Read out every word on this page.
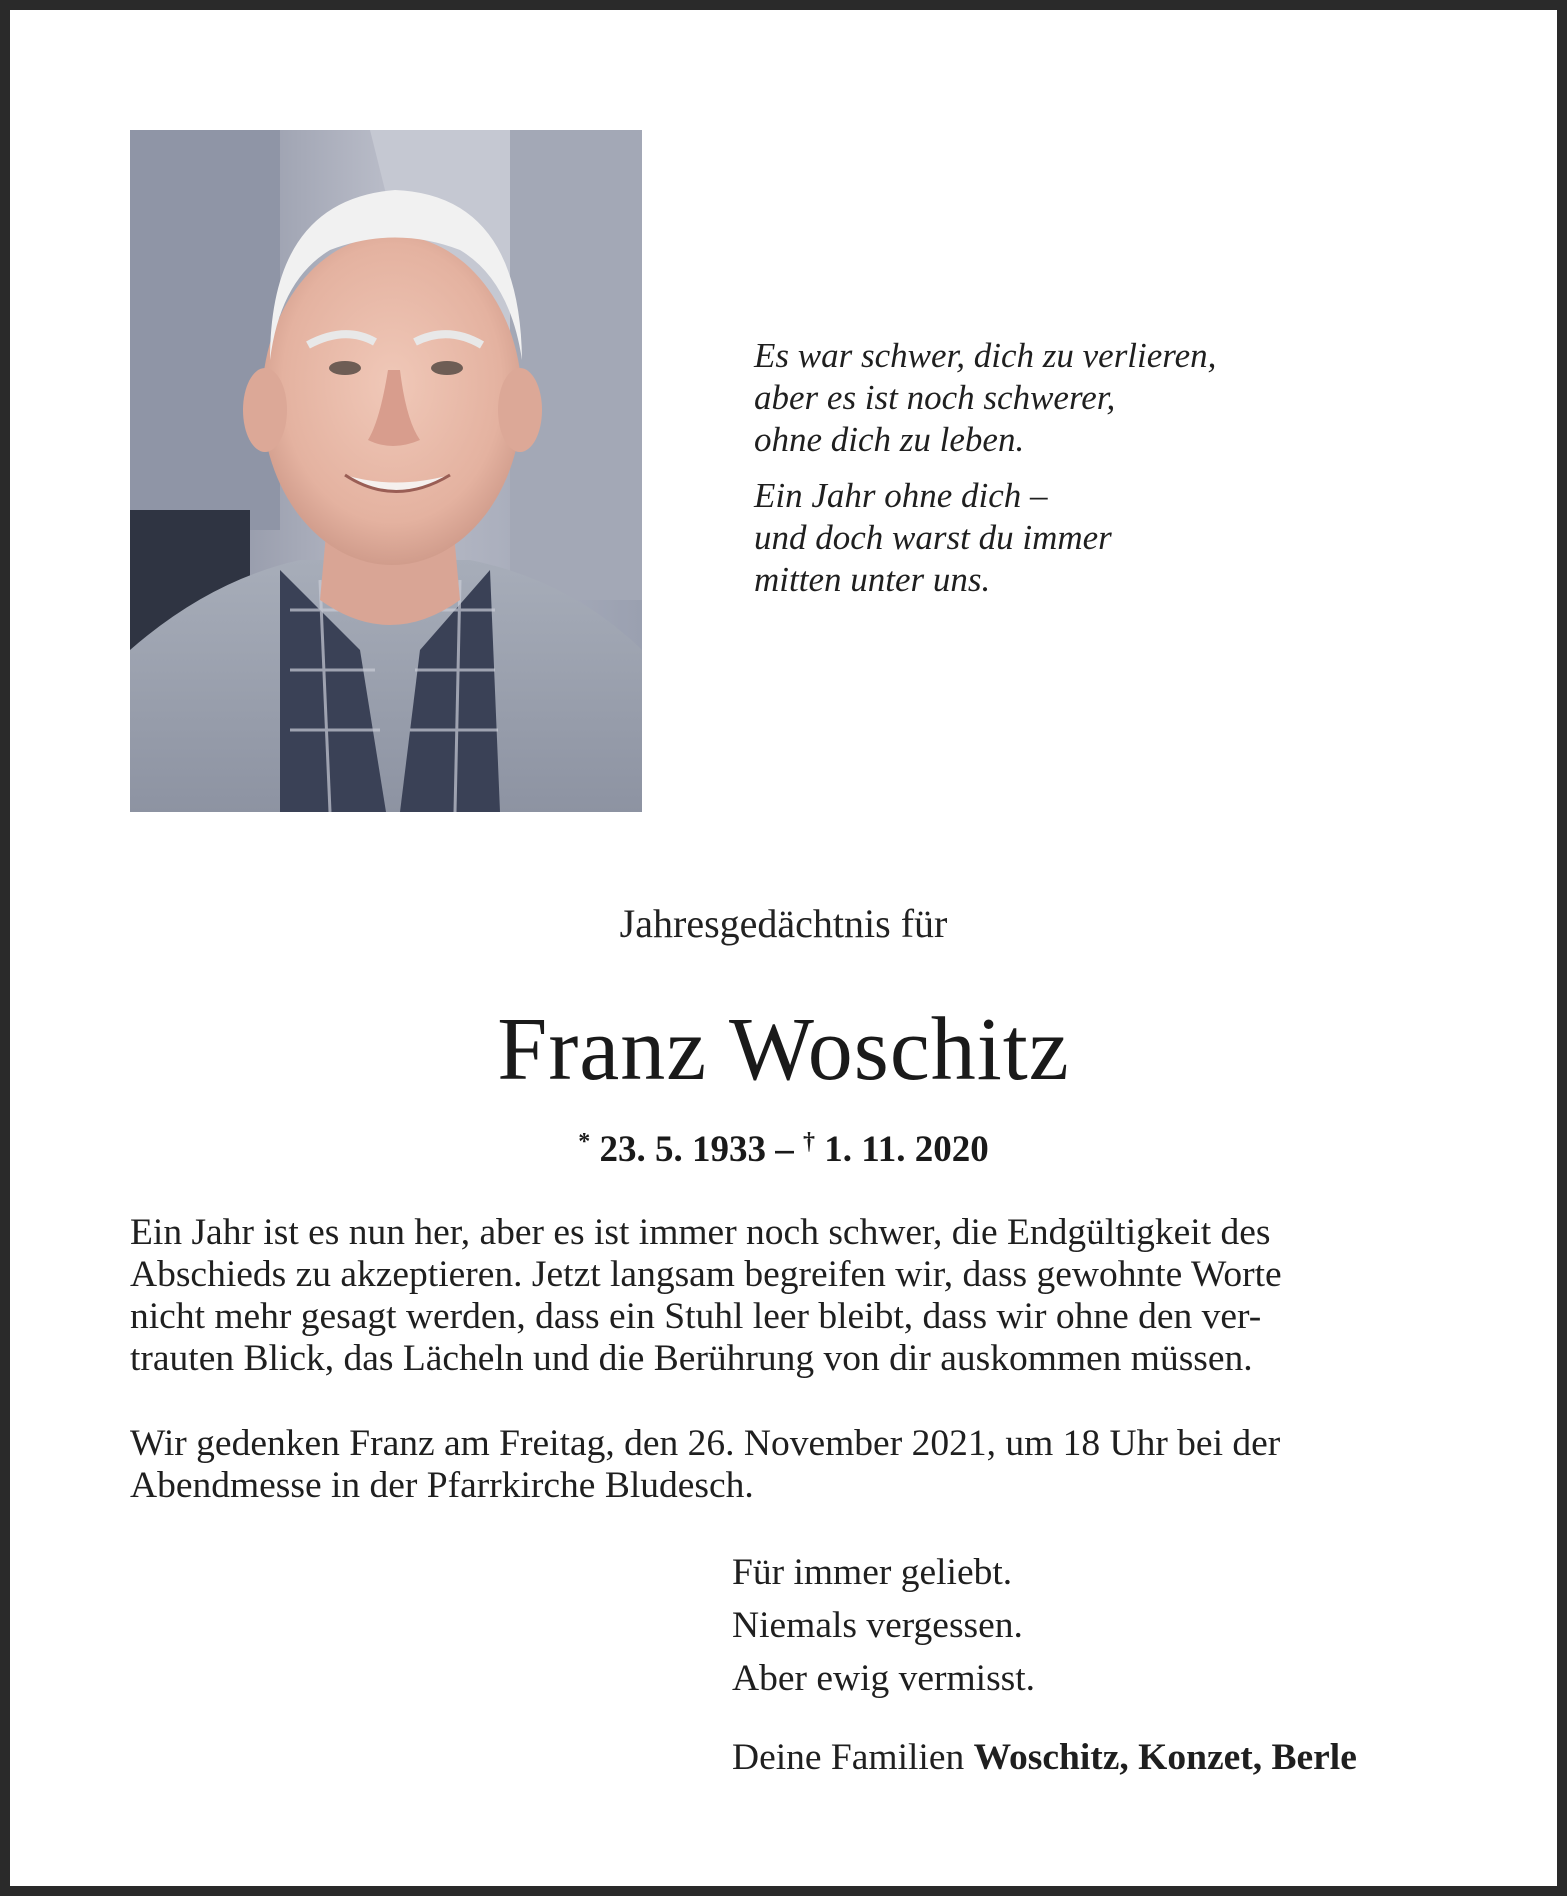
Es war schwer, dich zu verlieren,
aber es ist noch schwerer,
ohne dich zu leben.
Ein Jahr ohne dich –
und doch warst du immer
mitten unter uns.
Jahresgedächtnis für
Franz Woschitz
* 23. 5. 1933 – † 1. 11. 2020
Ein Jahr ist es nun her, aber es ist immer noch schwer, die Endgültigkeit des
Abschieds zu akzeptieren. Jetzt langsam begreifen wir, dass gewohnte Worte
nicht mehr gesagt werden, dass ein Stuhl leer bleibt, dass wir ohne den ver-
trauten Blick, das Lächeln und die Berührung von dir auskommen müssen.
Wir gedenken Franz am Freitag, den 26. November 2021, um 18 Uhr bei der
Abendmesse in der Pfarrkirche Bludesch.
Für immer geliebt.
Niemals vergessen.
Aber ewig vermisst.
Deine Familien Woschitz, Konzet, Berle
